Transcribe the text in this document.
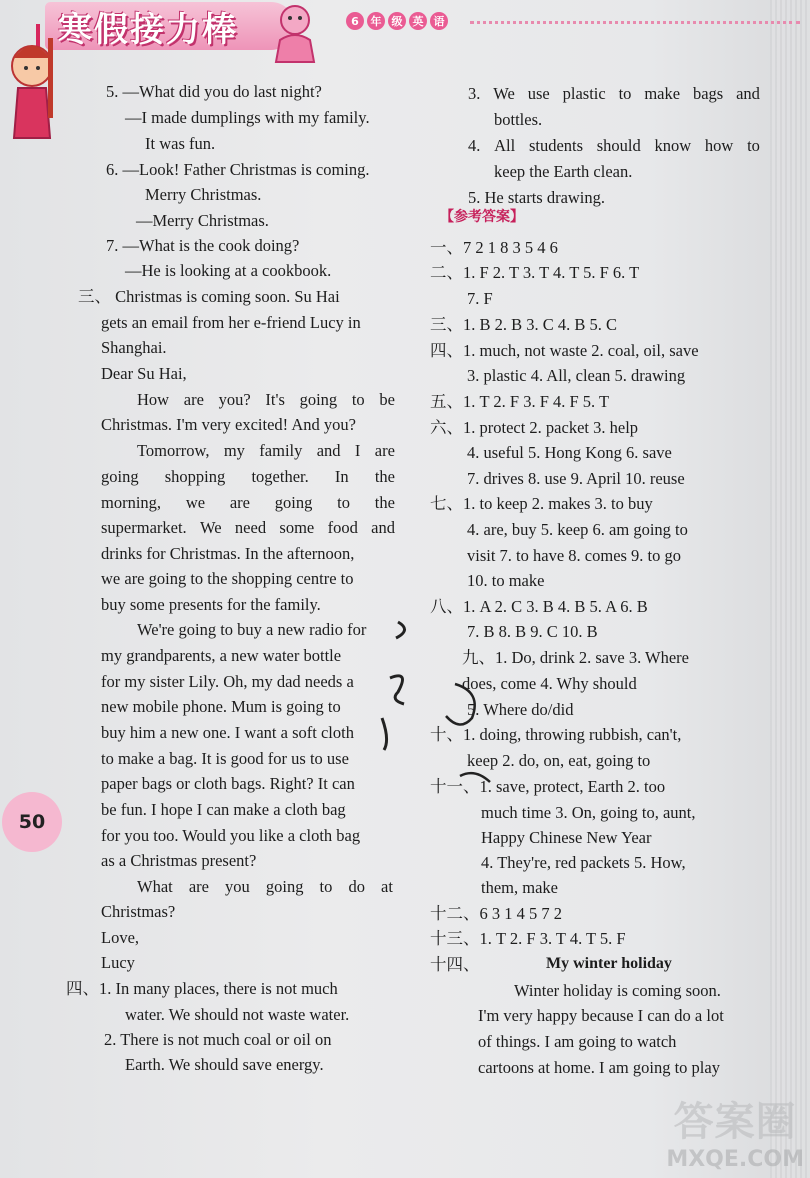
寒假接力棒	6	年 级 英 语
50
5. —What did you do last night?
—I made dumplings with my family.
It was fun.
6. —Look! Father Christmas is coming.
Merry Christmas.
—Merry Christmas.
7. —What is the cook doing?
—He is looking at a cookbook.
三、 Christmas is coming soon. Su Hai
gets an email from her e-friend Lucy in
Shanghai.
Dear Su Hai,
How are you? It's going to be
Christmas. I'm very excited! And you?
Tomorrow, my family and I are
going shopping together. In the
morning, we are going to the
supermarket. We need some food and
drinks for Christmas. In the afternoon,
we are going to the shopping centre to
buy some presents for the family.
We're going to buy a new radio for
my grandparents, a new water bottle
for my sister Lily. Oh, my dad needs a
new mobile phone. Mum is going to
buy him a new one. I want a soft cloth
to make a bag. It is good for us to use
paper bags or cloth bags. Right? It can
be fun. I hope I can make a cloth bag
for you too. Would you like a cloth bag
as a Christmas present?
What are you going to do at
Christmas?
Love,
Lucy
四、1. In many places, there is not much
water. We should not waste water.
2. There is not much coal or oil on
Earth. We should save energy.
3. We use plastic to make bags and
bottles.
4. All students should know how to
keep the Earth clean.
5. He starts drawing.
一、7 2 1 8 3 5 4 6
二、1. F 2. T 3. T 4. T 5. F 6. T
7. F
三、1. B 2. B 3. C 4. B 5. C
四、1. much, not waste 2. coal, oil, save
3. plastic 4. All, clean 5. drawing
五、1. T 2. F 3. F 4. F 5. T
六、1. protect 2. packet 3. help
4. useful 5. Hong Kong 6. save
7. drives 8. use 9. April 10. reuse
七、1. to keep 2. makes 3. to buy
4. are, buy 5. keep 6. am going to
visit 7. to have 8. comes 9. to go
10. to make
八、1. A 2. C 3. B 4. B 5. A 6. B
7. B 8. B 9. C 10. B
九、1. Do, drink 2. save 3. Where
does, come 4. Why should
5. Where do/did
十、1. doing, throwing rubbish, can't,
keep 2. do, on, eat, going to
十一、1. save, protect, Earth 2. too
much time 3. On, going to, aunt,
Happy Chinese New Year
4. They're, red packets 5. How,
them, make
十二、6 3 1 4 5 7 2
十三、1. T 2. F 3. T 4. T 5. F
十四、
Winter holiday is coming soon.
I'm very happy because I can do a lot
of things. I am going to watch
cartoons at home. I am going to play
【参考答案】
My winter holiday
答案圈
MXQE.COM
